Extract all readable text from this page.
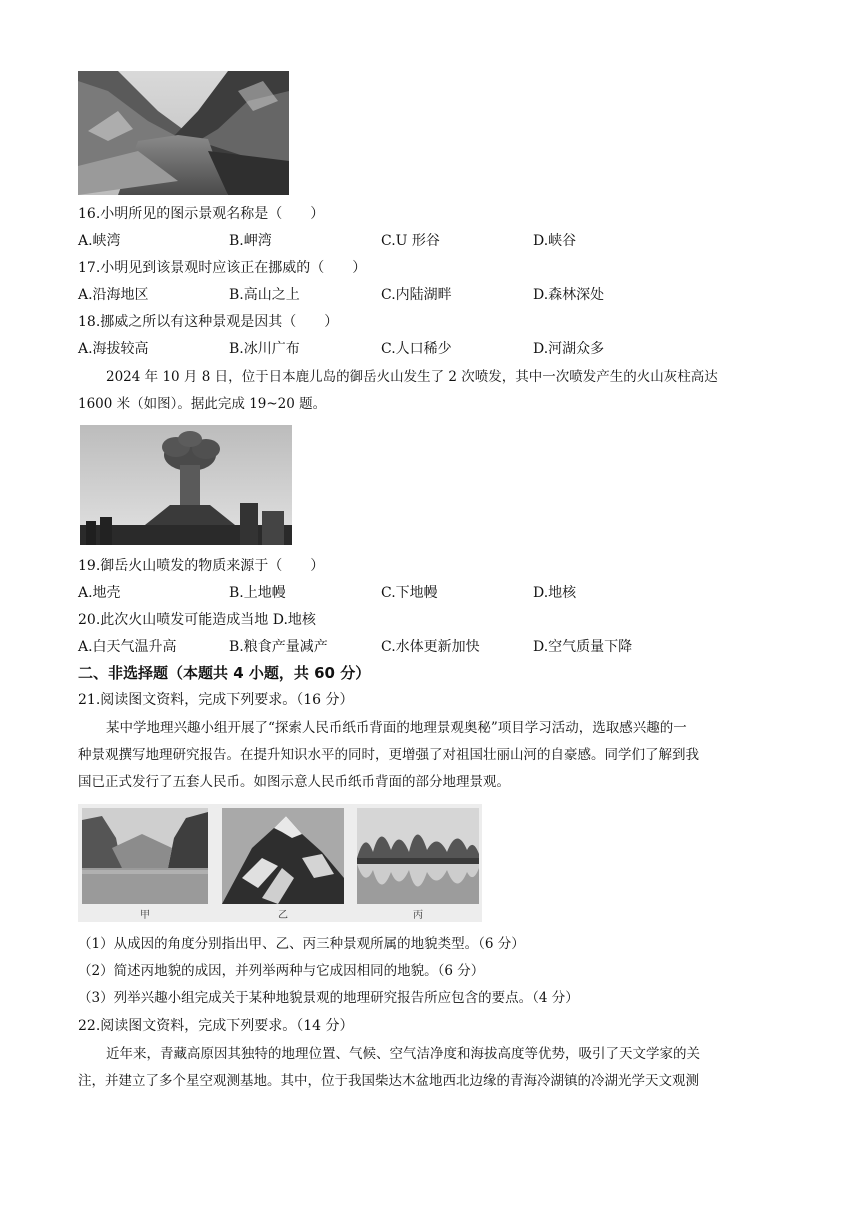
16.小明所见的图示景观名称是（　　）
A.峡湾	B.岬湾	C.U 形谷	D.峡谷
17.小明见到该景观时应该正在挪威的（　　）
A.沿海地区	B.高山之上	C.内陆湖畔	D.森林深处
18.挪威之所以有这种景观是因其（　　）
A.海拔较高	B.冰川广布	C.人口稀少	D.河湖众多
2024 年 10 月 8 日，位于日本鹿儿岛的御岳火山发生了 2 次喷发，其中一次喷发产生的火山灰柱高达
1600 米（如图）。据此完成 19~20 题。
19.御岳火山喷发的物质来源于（　　）
A.地壳	B.上地幔	C.下地幔	D.地核
20.此次火山喷发可能造成当地 D.地核
A.白天气温升高	B.粮食产量减产	C.水体更新加快	D.空气质量下降
二、非选择题（本题共 4 小题，共 60 分）
21.阅读图文资料，完成下列要求。（16 分）
某中学地理兴趣小组开展了“探索人民币纸币背面的地理景观奥秘”项目学习活动，选取感兴趣的一
种景观撰写地理研究报告。在提升知识水平的同时，更增强了对祖国壮丽山河的自豪感。同学们了解到我
国已正式发行了五套人民币。如图示意人民币纸币背面的部分地理景观。
甲	乙	丙
（1）从成因的角度分别指出甲、乙、丙三种景观所属的地貌类型。（6 分）
（2）简述丙地貌的成因，并列举两种与它成因相同的地貌。（6 分）
（3）列举兴趣小组完成关于某种地貌景观的地理研究报告所应包含的要点。（4 分）
22.阅读图文资料，完成下列要求。（14 分）
近年来，青藏高原因其独特的地理位置、气候、空气洁净度和海拔高度等优势，吸引了天文学家的关
注，并建立了多个星空观测基地。其中，位于我国柴达木盆地西北边缘的青海冷湖镇的冷湖光学天文观测
